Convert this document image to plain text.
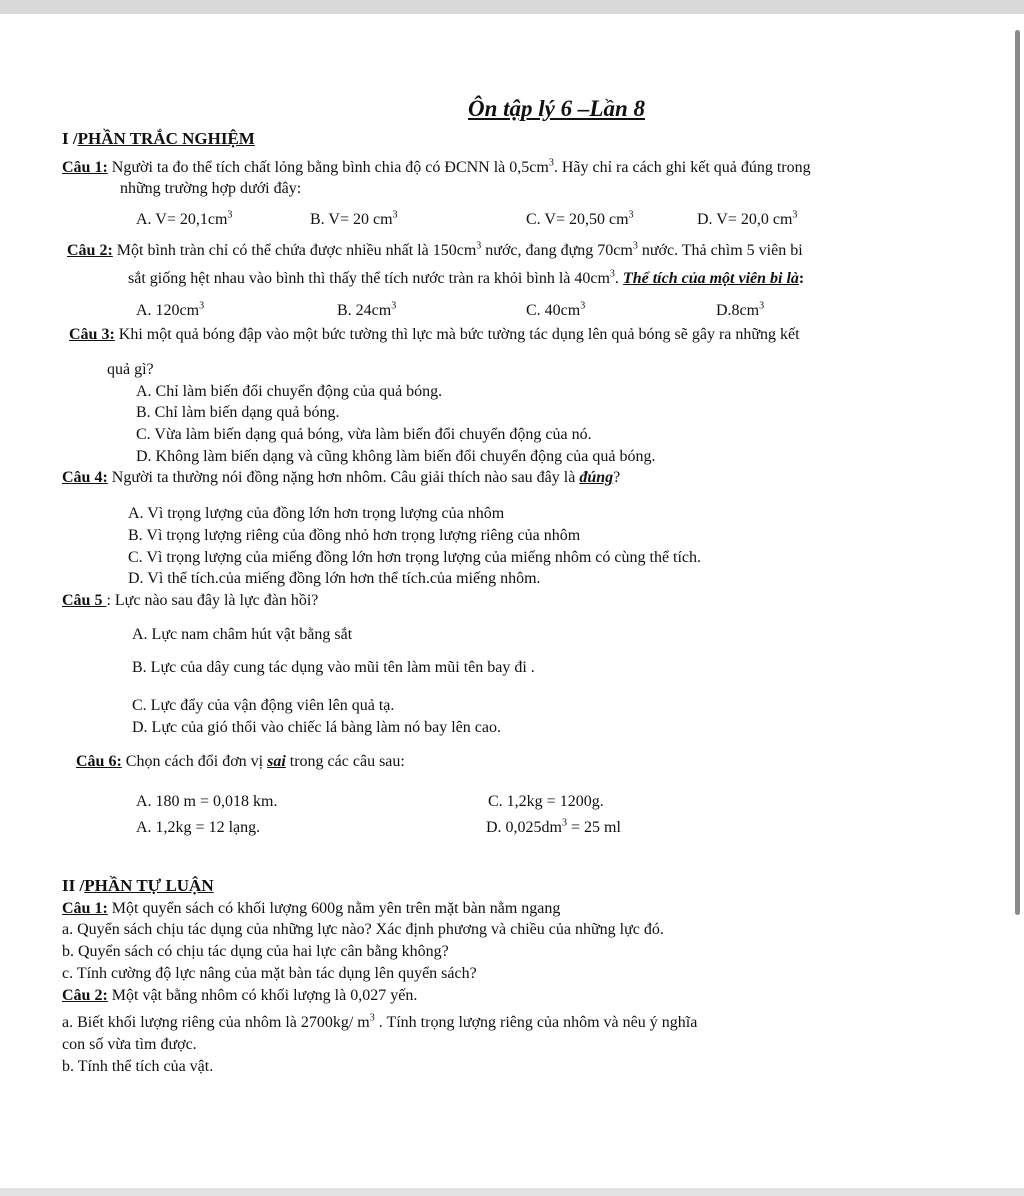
Ôn tập lý 6 –Lần 8
I /PHẦN TRẮC NGHIỆM
Câu 1: Người ta đo thể tích chất lỏng bằng bình chia độ có ĐCNN là $0,5cm^3$. Hãy chỉ ra cách ghi kết quả đúng trong
những trường hợp dưới đây:
A. $V= 20,1cm^3$	B. V= 20 $cm^3$	C. V= 20,50 $cm^3$	D. V= 20,0 $cm^3$
Câu 2: Một bình tràn chỉ có thể chứa được nhiều nhất là $150cm^3$ nước, đang đựng $70cm^3$ nước. Thả chìm 5 viên bi
sắt giống hệt nhau vào bình thì thấy thể tích nước tràn ra khỏi bình là $40cm^3$. Thể tích của một viên bi là:
A. $120cm^3$	B. $24cm^3$	C. $40cm^3$	$D.8cm^3$
Câu 3: Khi một quả bóng đập vào một bức tường thì lực mà bức tường tác dụng lên quả bóng sẽ gây ra những kết
quả gì?
A. Chỉ làm biến đổi chuyển động của quả bóng.
B. Chỉ làm biến dạng quả bóng.
C. Vừa làm biến dạng quả bóng, vừa làm biến đổi chuyển động của nó.
D. Không làm biến dạng và cũng không làm biến đổi chuyển động của quả bóng.
Câu 4: Người ta thường nói đồng nặng hơn nhôm. Câu giải thích nào sau đây là đúng?
A. Vì trọng lượng của đồng lớn hơn trọng lượng của nhôm
B. Vì trọng lượng riêng của đồng nhỏ hơn trọng lượng riêng của nhôm
C. Vì trọng lượng của miếng đồng lớn hơn trọng lượng của miếng nhôm có cùng thể tích.
D. Vì thể tích.của miếng đồng lớn hơn thể tích.của miếng nhôm.
Câu 5 : Lực nào sau đây là lực đàn hồi?
A. Lực nam châm hút vật bằng sắt
B. Lực của dây cung tác dụng vào mũi tên làm mũi tên bay đi .
C. Lực đẩy của vận động viên lên quả tạ.
D. Lực của gió thổi vào chiếc lá bàng làm nó bay lên cao.
Câu 6: Chọn cách đổi đơn vị sai trong các câu sau:
A. 180 m = 0,018 km.	C. 1,2kg = 1200g.
A. 1,2kg = 12 lạng.	D. $0,025dm^3 = 25$ ml
II /PHẦN TỰ LUẬN
Câu 1: Một quyển sách có khối lượng 600g nằm yên trên mặt bàn nằm ngang
a. Quyển sách chịu tác dụng của những lực nào? Xác định phương và chiều của những lực đó.
b. Quyển sách có chịu tác dụng của hai lực cân bằng không?
c. Tính cường độ lực nâng của mặt bàn tác dụng lên quyển sách?
Câu 2: Một vật bằng nhôm có khối lượng là 0,027 yến.
a. Biết khối lượng riêng của nhôm là 2700kg/ $m^3$ . Tính trọng lượng riêng của nhôm và nêu ý nghĩa
con số vừa tìm được.
b. Tính thể tích của vật.
